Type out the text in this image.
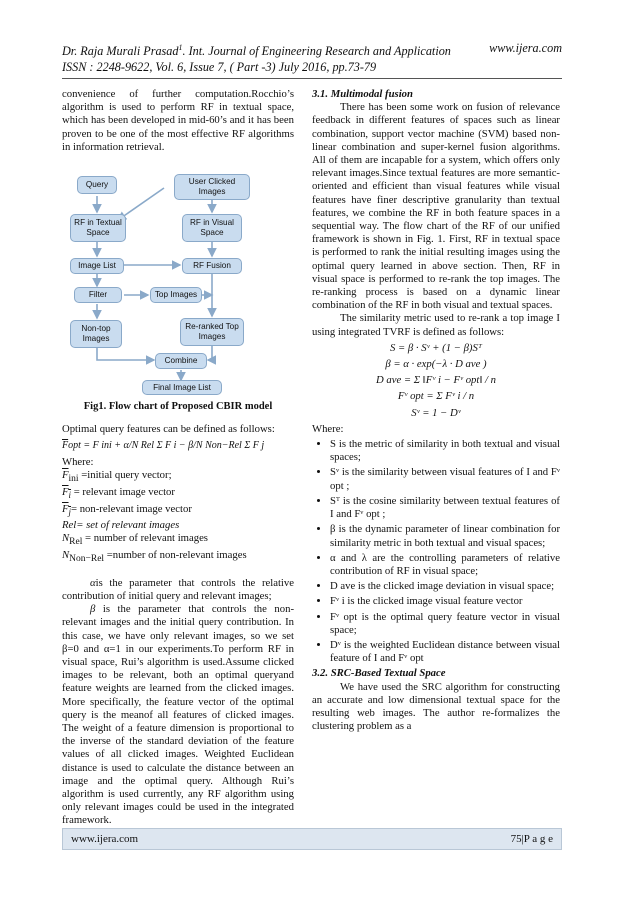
Dr. Raja Murali Prasad$^1$. Int. Journal of Engineering Research and Application	www.ijera.com
ISSN : 2248-9622, Vol. 6, Issue 7, ( Part -3) July 2016, pp.73-79

convenience of further computation.Rocchio’s algorithm is used to perform RF in textual space, which has been developed in mid-60’s and it has been proven to be one of the most effective RF algorithms in information retrieval.

Query	User Clicked Images
RF in Textual Space
RF in Visual Space
Image List	RF Fusion
Filter	Top Images
Non-top Images
Re-ranked Top Images
Combine
Final Image List
Fig1. Flow chart of Proposed CBIR model

Optimal query features can be defined as follows:

$\overline{F}opt = F$ ini + α/N Rel Σ F i − β/N Non−Rel Σ F j

Where:

$\overline{F}_{ini}$ =initial query vector;

$F_i$ = relevant image vector

$F_j=$ non-relevant image vector

Rel= set of relevant images

$N_{Rel}$ = number of relevant images

$N_{Non-Rel}$ =number of non-relevant images

αis the parameter that controls the relative contribution of initial query and relevant images;

β is the parameter that controls the non-relevant images and the initial query contribution. In this case, we have only relevant images, so we set β=0 and α=1 in our experiments.To perform RF in visual space, Rui’s algorithm is used.Assume clicked images to be relevant, both an optimal queryand feature weights are learned from the clicked images. More specifically, the feature vector of the optimal query is the meanof all features of clicked images. The weight of a feature dimension is proportional to the inverse of the standard deviation of the feature values of all clicked images. Weighted Euclidean distance is used to calculate the distance between an image and the optimal query. Although Rui’s algorithm is used currently, any RF algorithm using only relevant images could be used in the integrated framework.

3.1. Multimodal fusion

There has been some work on fusion of relevance feedback in different features of spaces such as linear combination, support vector machine (SVM) based non-linear combination and super-kernel fusion algorithms. All of them are incapable for a system, which offers only relevant images.Since textual features are more semantic-oriented and efficient than visual features while visual features have finer descriptive granularity than textual features, we combine the RF in both feature spaces in a sequential way. The flow chart of the RF of our unified framework is shown in Fig. 1. First, RF in textual space is performed to rank the initial resulting images using the optimal query learned in above section. Then, RF in visual space is performed to re-rank the top images. The re-ranking process is based on a dynamic linear combination of the RF in both visual and textual spaces.

The similarity metric used to re-rank a top image I using integrated TVRF is defined as follows:

S = β · Sᵛ + (1 − β)Sᵀ
β = α · exp(−λ · D ave )
D ave = Σ ‖Fᵛ i − Fᵛ opt‖ / n
Fᵛ opt = Σ Fᵛ i / n
Sᵛ = 1 − Dᵛ

Where:

• S is the metric of similarity in both textual and visual spaces;
• Sᵛ is the similarity between visual features of I and Fᵛ opt ;
• Sᵀ is the cosine similarity between textual features of I and Fᵛ opt ;
• β is the dynamic parameter of linear combination for similarity metric in both textual and visual spaces;
• α and λ are the controlling parameters of relative contribution of RF in visual space;
• D ave is the clicked image deviation in visual space;
• Fᵛ i is the clicked image visual feature vector
• Fᵛ opt is the optimal query feature vector in visual space;
• Dᵛ is the weighted Euclidean distance between visual feature of I and Fᵛ opt

3.2. SRC-Based Textual Space

We have used the SRC algorithm for constructing an accurate and low dimensional textual space for the resulting web images. The author re-formalizes the clustering problem as a

www.ijera.com	75|P a g e
